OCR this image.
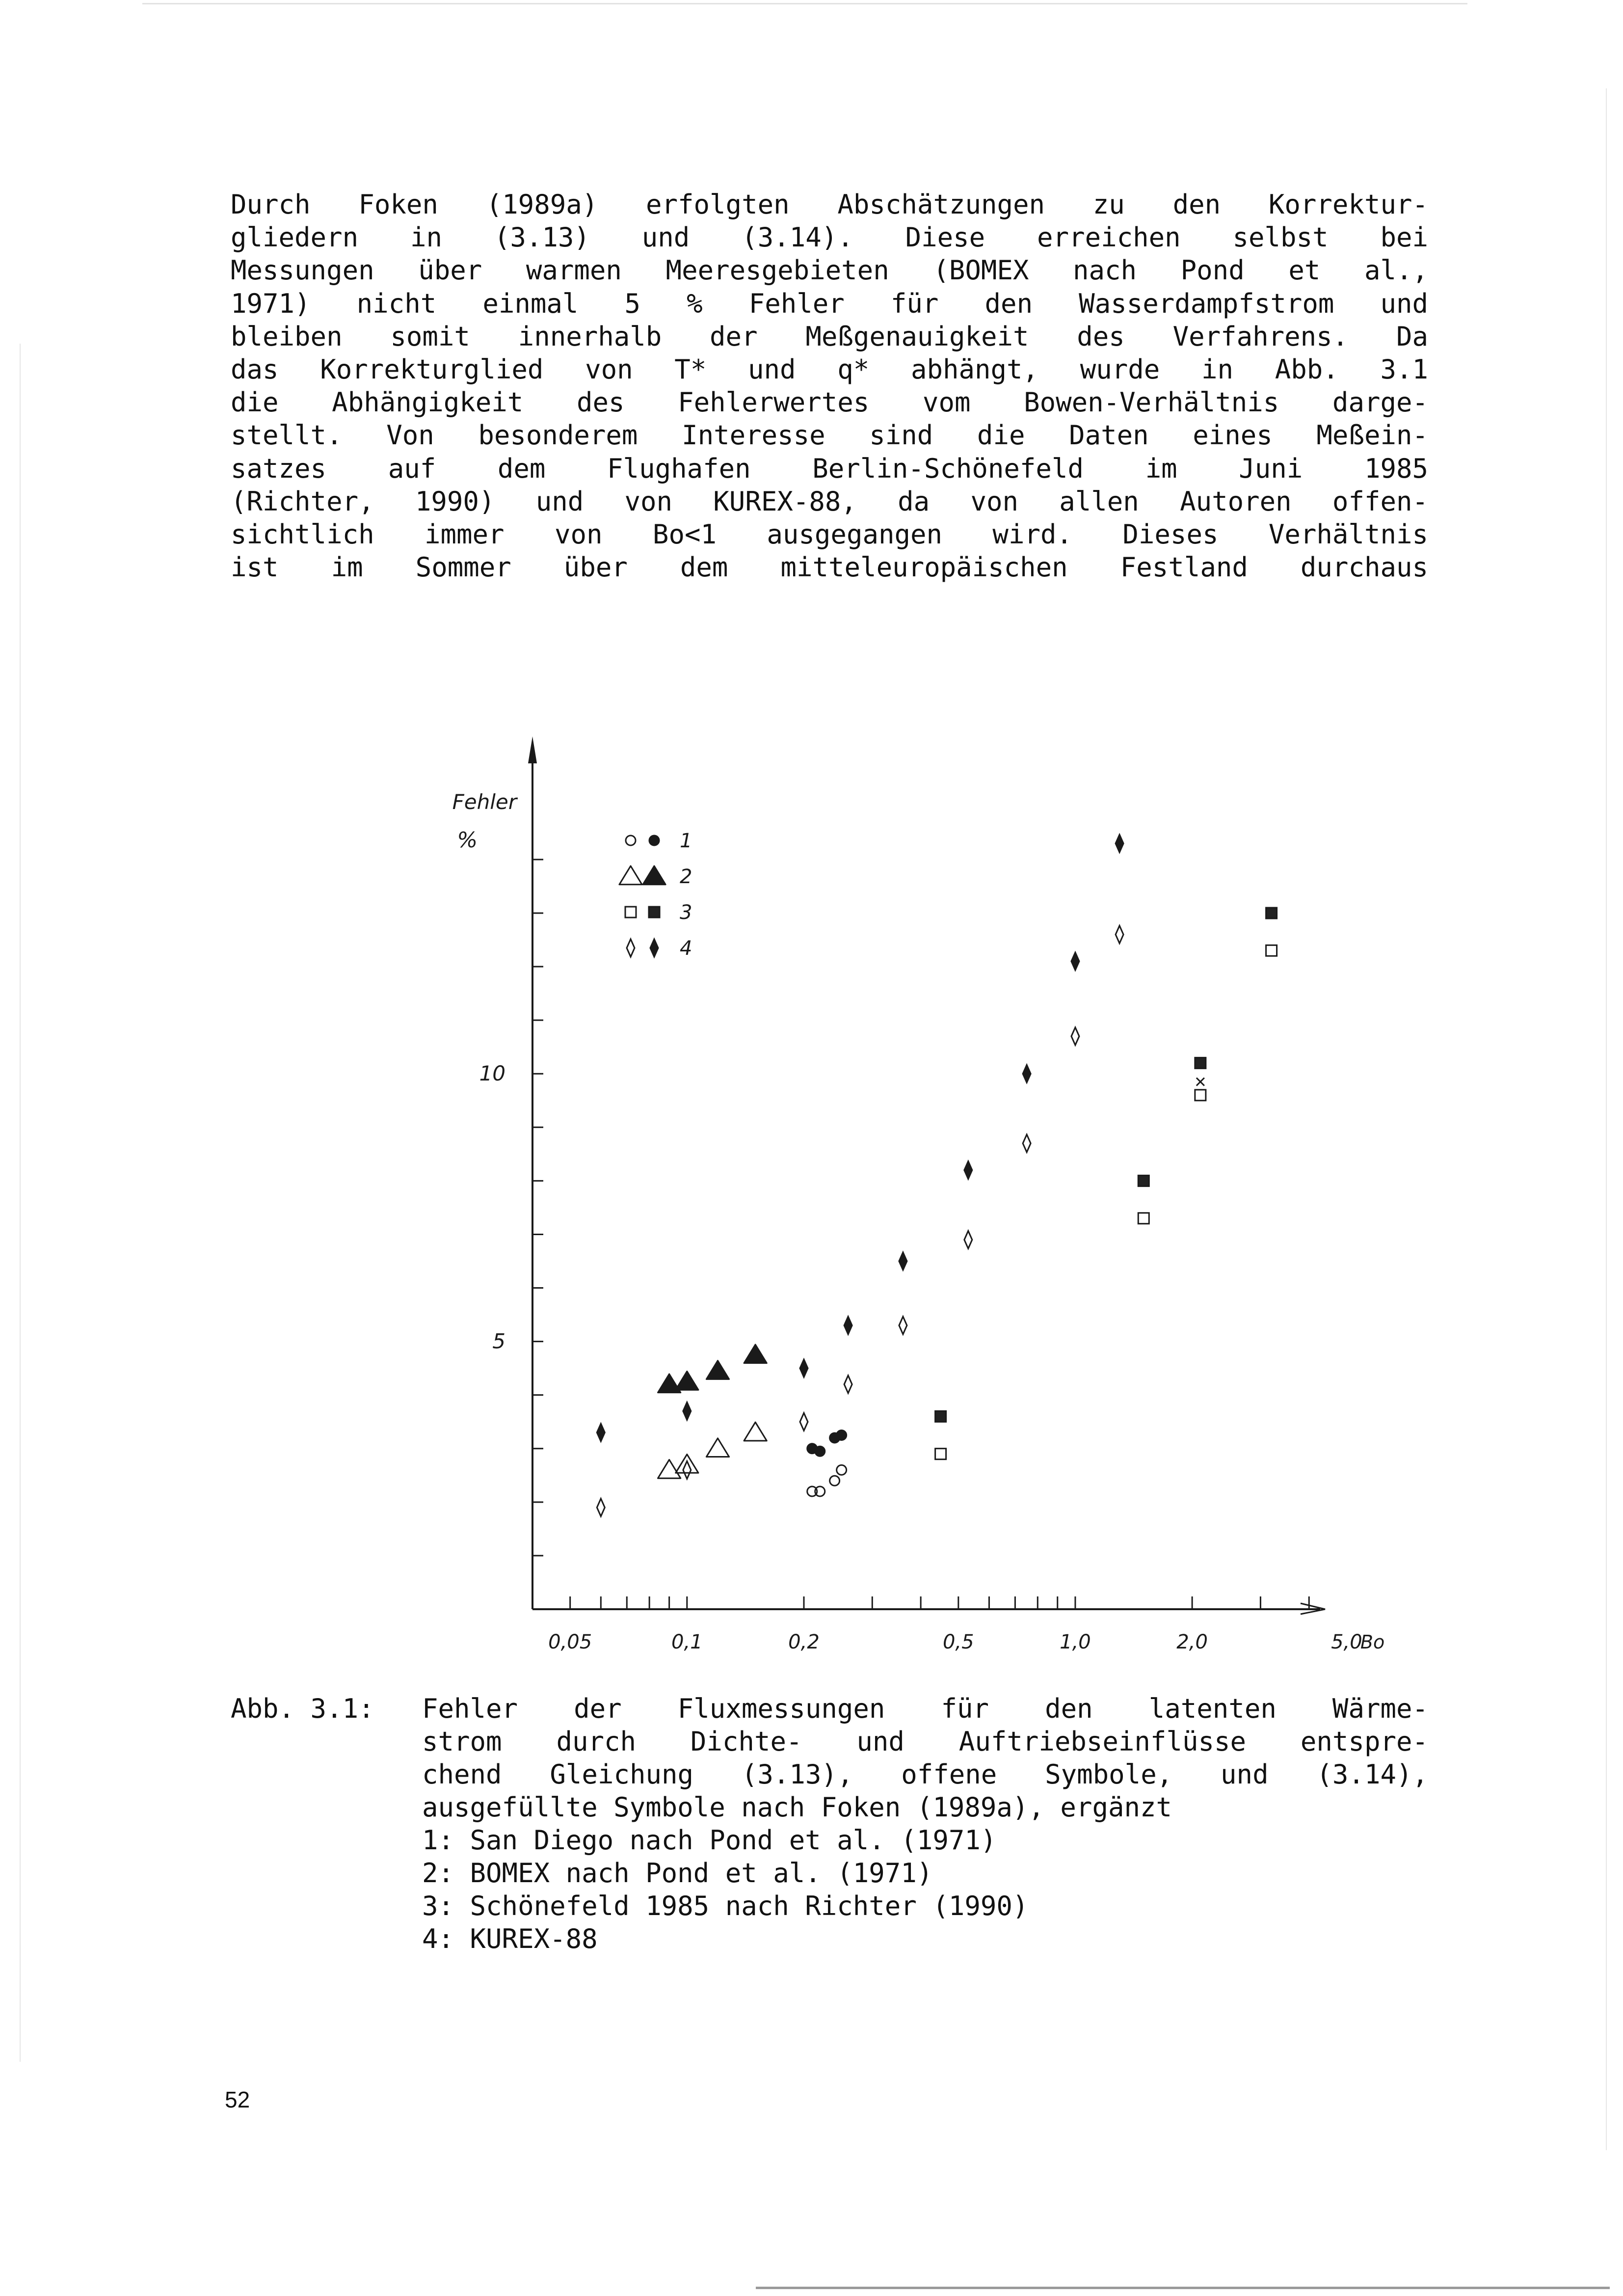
Durch Foken (1989a) erfolgten Abschätzungen zu den Korrektur-
gliedern in (3.13) und (3.14). Diese erreichen selbst bei
Messungen über warmen Meeresgebieten (BOMEX nach Pond et al.,
1971) nicht einmal 5 % Fehler für den Wasserdampfstrom und
bleiben somit innerhalb der Meßgenauigkeit des Verfahrens. Da
das Korrekturglied von T* und q* abhängt, wurde in Abb. 3.1
die Abhängigkeit des Fehlerwertes vom Bowen-Verhältnis darge-
stellt. Von besonderem Interesse sind die Daten eines Meßein-
satzes auf dem Flughafen Berlin-Schönefeld im Juni 1985
(Richter, 1990) und von KUREX-88, da von allen Autoren offen-
sichtlich immer von Bo<1 ausgegangen wird. Dieses Verhältnis
ist im Sommer über dem mitteleuropäischen Festland durchaus
0,05	0,1	0,2	0,5	1,0	2,0	5,0
5
10
Fehler
%
Bo
1
2
3
4
Abb. 3.1:	Fehler der Fluxmessungen für den latenten Wärme-
strom durch Dichte- und Auftriebseinflüsse entspre-
chend Gleichung (3.13), offene Symbole, und (3.14),
ausgefüllte Symbole nach Foken (1989a), ergänzt
1: San Diego nach Pond et al. (1971)
2: BOMEX nach Pond et al. (1971)
3: Schönefeld 1985 nach Richter (1990)
4: KUREX-88
52
